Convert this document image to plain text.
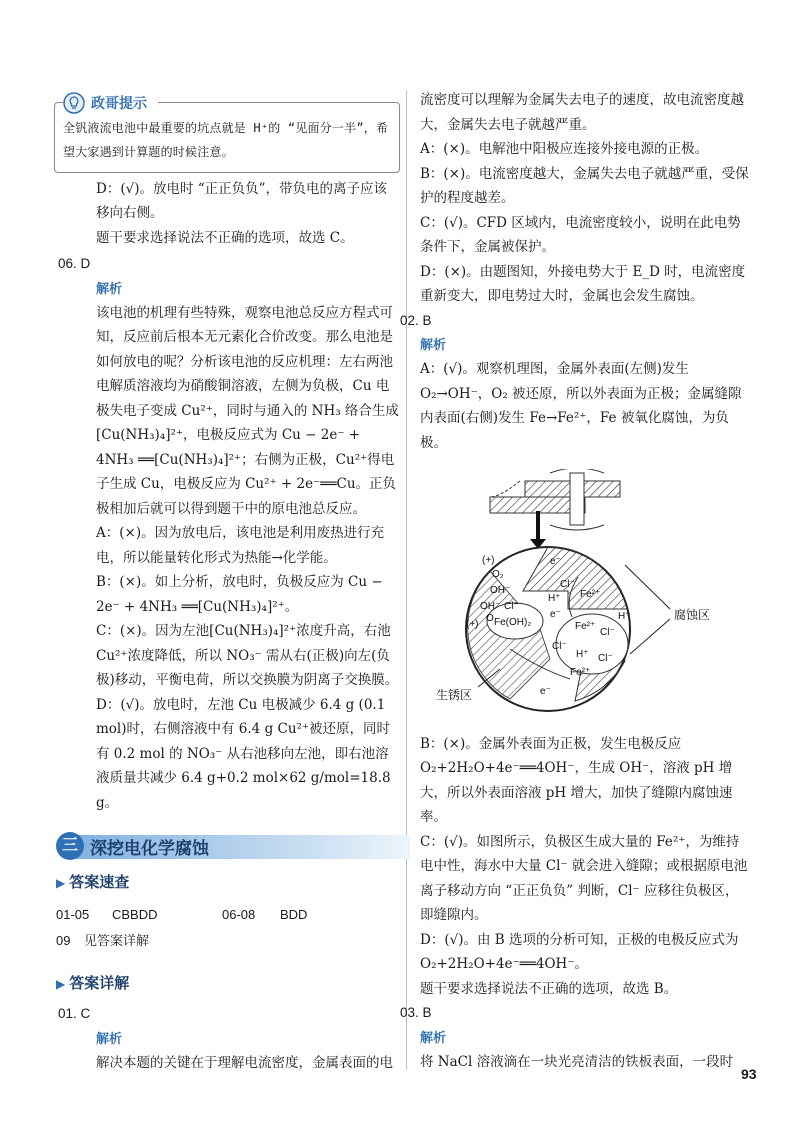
政哥提示
全钒液流电池中最重要的坑点就是 H⁺的 “见面分一半”，希望大家遇到计算题的时候注意。

D：(√)。放电时 “正正负负”，带负电的离子应该移向右侧。

题干要求选择说法不正确的选项，故选 C。

06. D

解析

该电池的机理有些特殊，观察电池总反应方程式可知，反应前后根本无元素化合价改变。那么电池是如何放电的呢？分析该电池的反应机理：左右两池电解质溶液均为硝酸铜溶液，左侧为负极，Cu 电极失电子变成 Cu²⁺，同时与通入的 NH₃ 络合生成 [Cu(NH₃)₄]²⁺，电极反应式为 Cu − 2e⁻ + 4NH₃ ══[Cu(NH₃)₄]²⁺；右侧为正极，Cu²⁺得电子生成 Cu，电极反应为 Cu²⁺ + 2e⁻══Cu。正负极相加后就可以得到题干中的原电池总反应。

A：(×)。因为放电后，该电池是利用废热进行充电，所以能量转化形式为热能→化学能。

B：(×)。如上分析，放电时，负极反应为 Cu − 2e⁻ + 4NH₃ ══[Cu(NH₃)₄]²⁺。

C：(×)。因为左池[Cu(NH₃)₄]²⁺浓度升高，右池 Cu²⁺浓度降低，所以 NO₃⁻ 需从右(正极)向左(负极)移动，平衡电荷，所以交换膜为阴离子交换膜。

D：(√)。放电时，左池 Cu 电极减少 6.4 g (0.1 mol)时，右侧溶液中有 6.4 g Cu²⁺被还原，同时有 0.2 mol 的 NO₃⁻ 从右池移向左池，即右池溶液质量共减少 6.4 g+0.2 mol×62 g/mol=18.8 g。

三 深挖电化学腐蚀
▶ 答案速查
01-05 CBBDD	06-08 BDD
09 见答案详解
▶ 答案详解

01. C

解析

解决本题的关键在于理解电流密度，金属表面的电

流密度可以理解为金属失去电子的速度，故电流密度越大，金属失去电子就越严重。

A：(×)。电解池中阳极应连接外接电源的正极。

B：(×)。电流密度越大，金属失去电子就越严重，受保护的程度越差。

C：(√)。CFD 区域内，电流密度较小，说明在此电势条件下，金属被保护。

D：(×)。由题图知，外接电势大于 E_D 时，电流密度重新变大，即电势过大时，金属也会发生腐蚀。

02. B

解析

A：(√)。观察机理图，金属外表面(左侧)发生 O₂→OH⁻，O₂ 被还原，所以外表面为正极；金属缝隙内表面(右侧)发生 Fe→Fe²⁺，Fe 被氧化腐蚀，为负极。

(+)
(+)
O₂
OH⁻
OH⁻ Cl⁻
Cl⁻
Cl⁻
Cl⁻
Cl⁻
H⁺
H⁺
H⁺
Fe²⁺
Fe²⁺
Fe²⁺
Fe(OH)₂
e⁻
e⁻
e⁻
O	腐蚀区
生锈区

B：(×)。金属外表面为正极，发生电极反应 O₂+2H₂O+4e⁻══4OH⁻，生成 OH⁻，溶液 pH 增大，所以外表面溶液 pH 增大，加快了缝隙内腐蚀速率。

C：(√)。如图所示，负极区生成大量的 Fe²⁺，为维持电中性，海水中大量 Cl⁻ 就会进入缝隙；或根据原电池离子移动方向 “正正负负” 判断，Cl⁻ 应移往负极区，即缝隙内。

D：(√)。由 B 选项的分析可知，正极的电极反应式为 O₂+2H₂O+4e⁻══4OH⁻。

题干要求选择说法不正确的选项，故选 B。

03. B

解析

将 NaCl 溶液滴在一块光亮清洁的铁板表面，一段时

93
